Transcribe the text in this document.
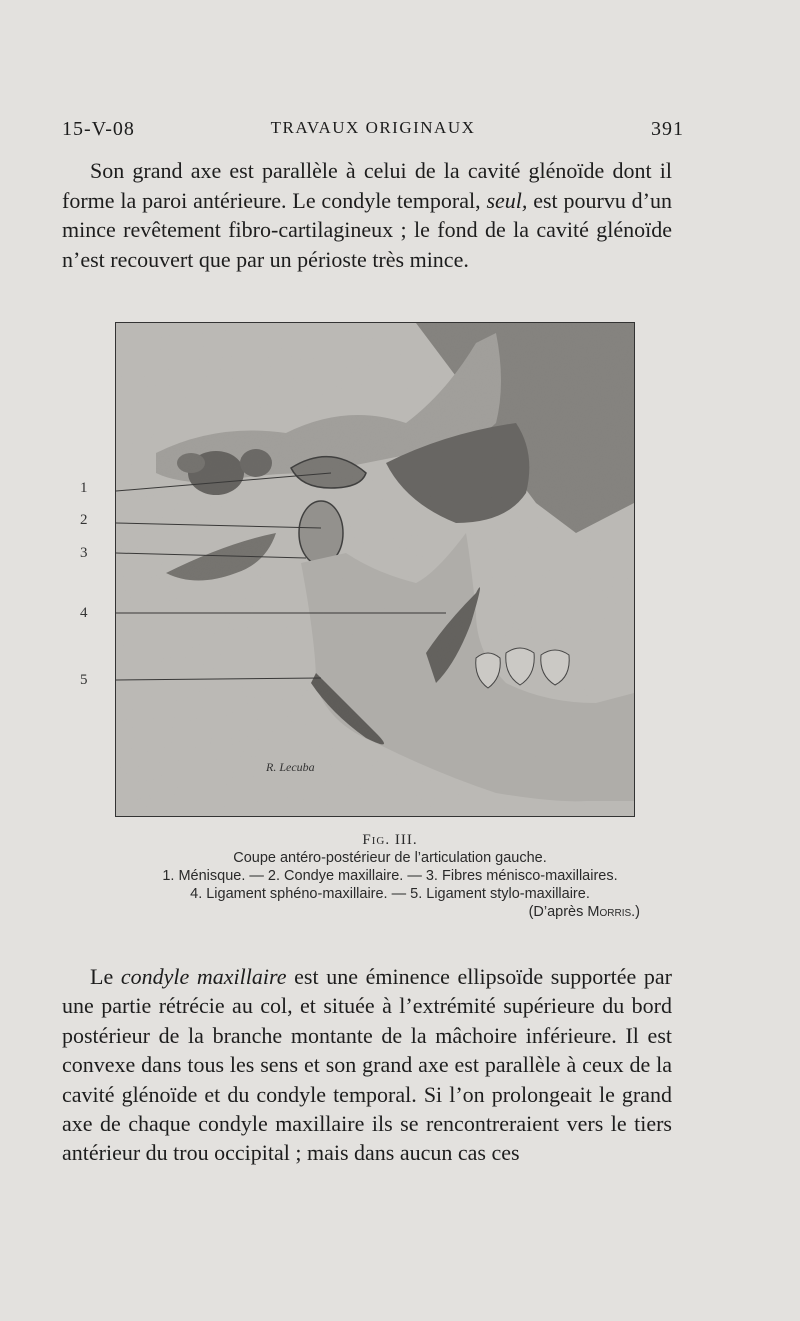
15-V-08	TRAVAUX ORIGINAUX	391

Son grand axe est parallèle à celui de la cavité glénoïde dont il forme la paroi antérieure. Le condyle temporal, seul, est pourvu d’un mince revêtement fibro-cartilagineux ; le fond de la cavité glénoïde n’est recouvert que par un périoste très mince.

1
2
3
4
5
R. Lecuba
Fig. III.
Coupe antéro-postérieur de l’articulation gauche.
1. Ménisque. — 2. Condye maxillaire. — 3. Fibres ménisco-maxillaires.
4. Ligament sphéno-maxillaire. — 5. Ligament stylo-maxillaire.
(D’après Morris.)

Le condyle maxillaire est une éminence ellipsoïde supportée par une partie rétrécie au col, et située à l’extrémité supérieure du bord postérieur de la branche montante de la mâchoire inférieure. Il est convexe dans tous les sens et son grand axe est parallèle à ceux de la cavité glénoïde et du condyle temporal. Si l’on prolongeait le grand axe de chaque condyle maxillaire ils se rencontreraient vers le tiers antérieur du trou occipital ; mais dans aucun cas ces
